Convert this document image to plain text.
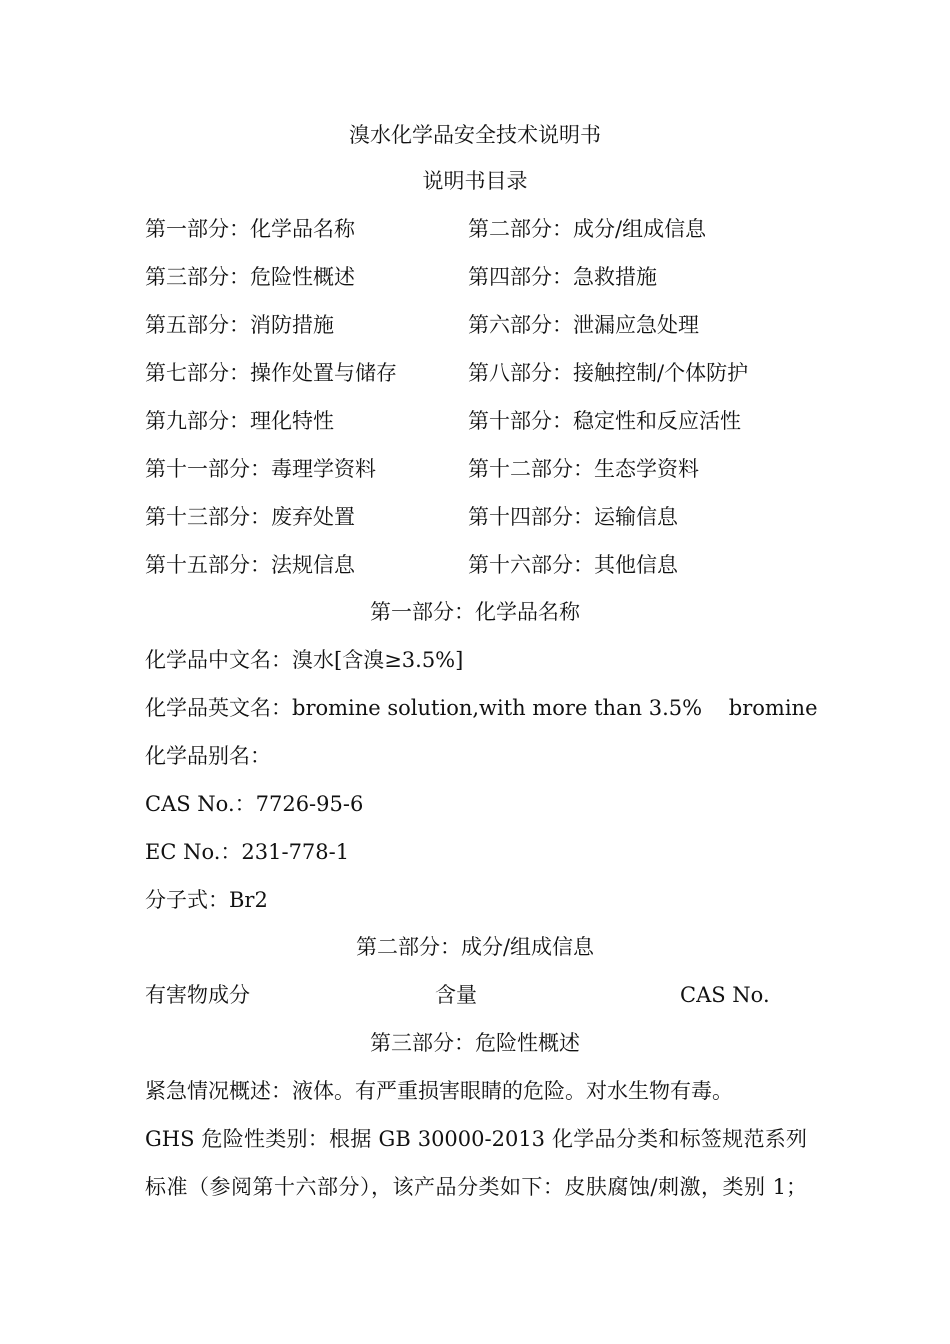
溴水化学品安全技术说明书
说明书目录
第一部分：化学品名称	第二部分：成分/组成信息
第三部分：危险性概述	第四部分：急救措施
第五部分：消防措施	第六部分：泄漏应急处理
第七部分：操作处置与储存	第八部分：接触控制/个体防护
第九部分：理化特性	第十部分：稳定性和反应活性
第十一部分：毒理学资料	第十二部分：生态学资料
第十三部分：废弃处置	第十四部分：运输信息
第十五部分：法规信息	第十六部分：其他信息
第一部分：化学品名称
化学品中文名：溴水[含溴≥3.5%]
化学品英文名：bromine solution,with more than 3.5%    bromine
化学品别名：
CAS No.：7726-95-6
EC No.：231-778-1
分子式：Br2
第二部分：成分/组成信息
有害物成分	含量	CAS No.
第三部分：危险性概述
紧急情况概述：液体。有严重损害眼睛的危险。对水生物有毒。
GHS 危险性类别：根据 GB 30000-2013 化学品分类和标签规范系列
标准（参阅第十六部分），该产品分类如下：皮肤腐蚀/刺激，类别 1；
